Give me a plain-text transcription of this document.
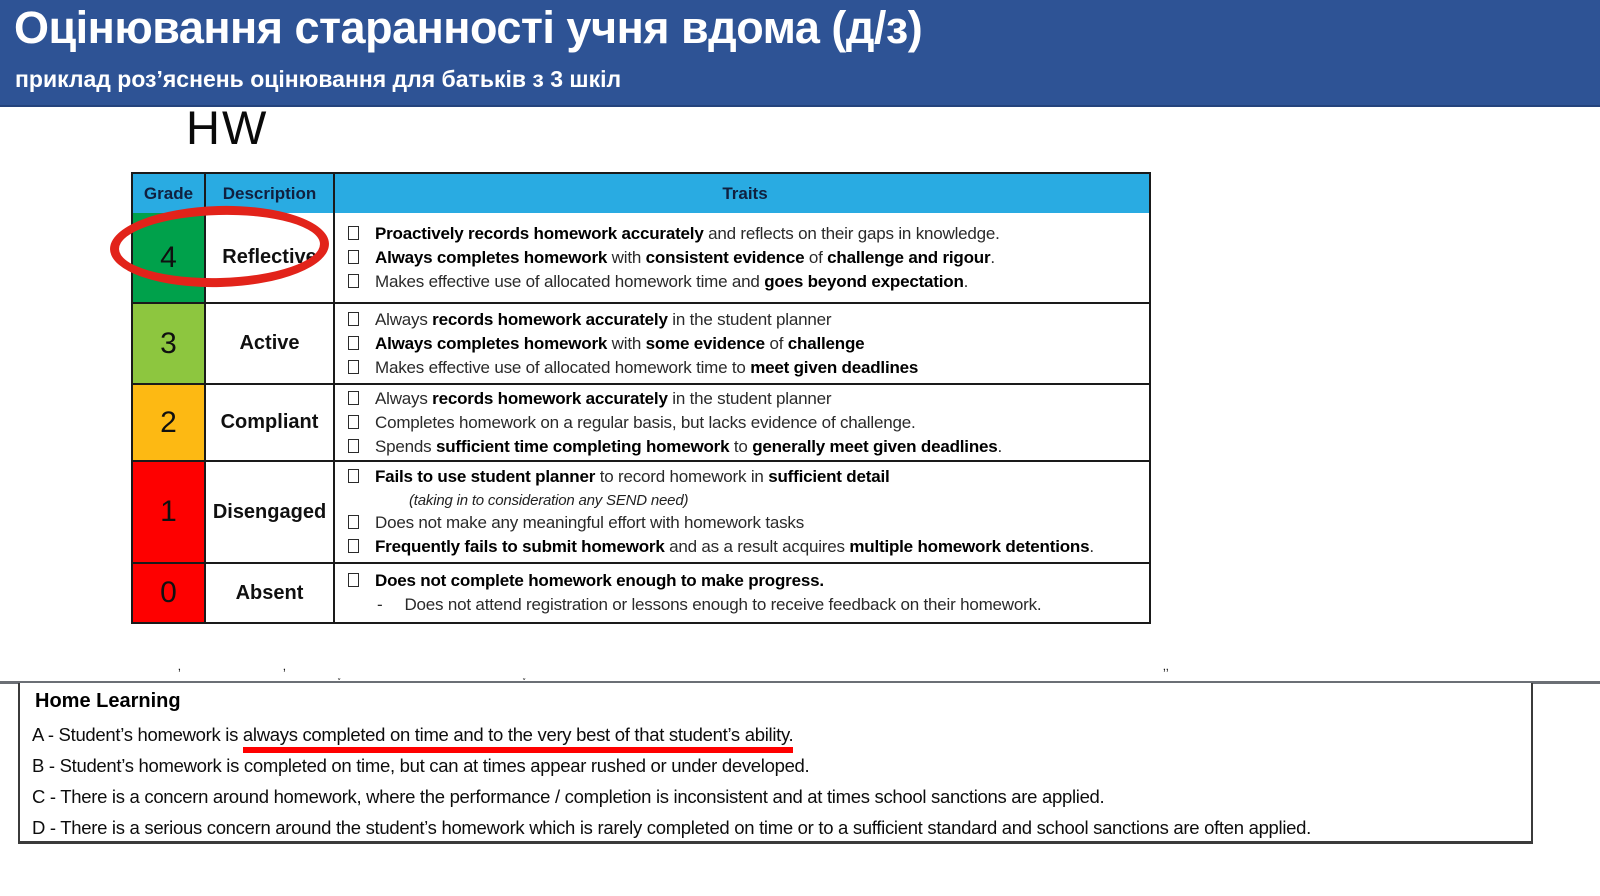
Оцінювання старанності учня вдома (д/з)
приклад роз’яснень оцінювання для батьків з 3 шкіл
HW
Grade	Description	Traits
4	Reflective
Proactively records homework accurately and reflects on their gaps in knowledge.
Always completes homework with consistent evidence of challenge and rigour.
Makes effective use of allocated homework time and goes beyond expectation.
3	Active
Always records homework accurately in the student planner
Always completes homework with some evidence of challenge
Makes effective use of allocated homework time to meet given deadlines
2	Compliant
Always records homework accurately in the student planner
Completes homework on a regular basis, but lacks evidence of challenge.
Spends sufficient time completing homework to generally meet given deadlines.
1	Disengaged
Fails to use student planner to record homework in sufficient detail
(taking in to consideration any SEND need)
Does not make any meaningful effort with homework tasks
Frequently fails to submit homework and as a result acquires multiple homework detentions.
0	Absent
Does not complete homework enough to make progress.
- Does not attend registration or lessons enough to receive feedback on their homework.
ʼ	ʼ	˯	˯	ʼʼ
Home Learning
A - Student’s homework is always completed on time and to the very best of that student’s ability.
B - Student’s homework is completed on time, but can at times appear rushed or under developed.
C - There is a concern around homework, where the performance / completion is inconsistent and at times school sanctions are applied.
D - There is a serious concern around the student’s homework which is rarely completed on time or to a sufficient standard and school sanctions are often applied.
